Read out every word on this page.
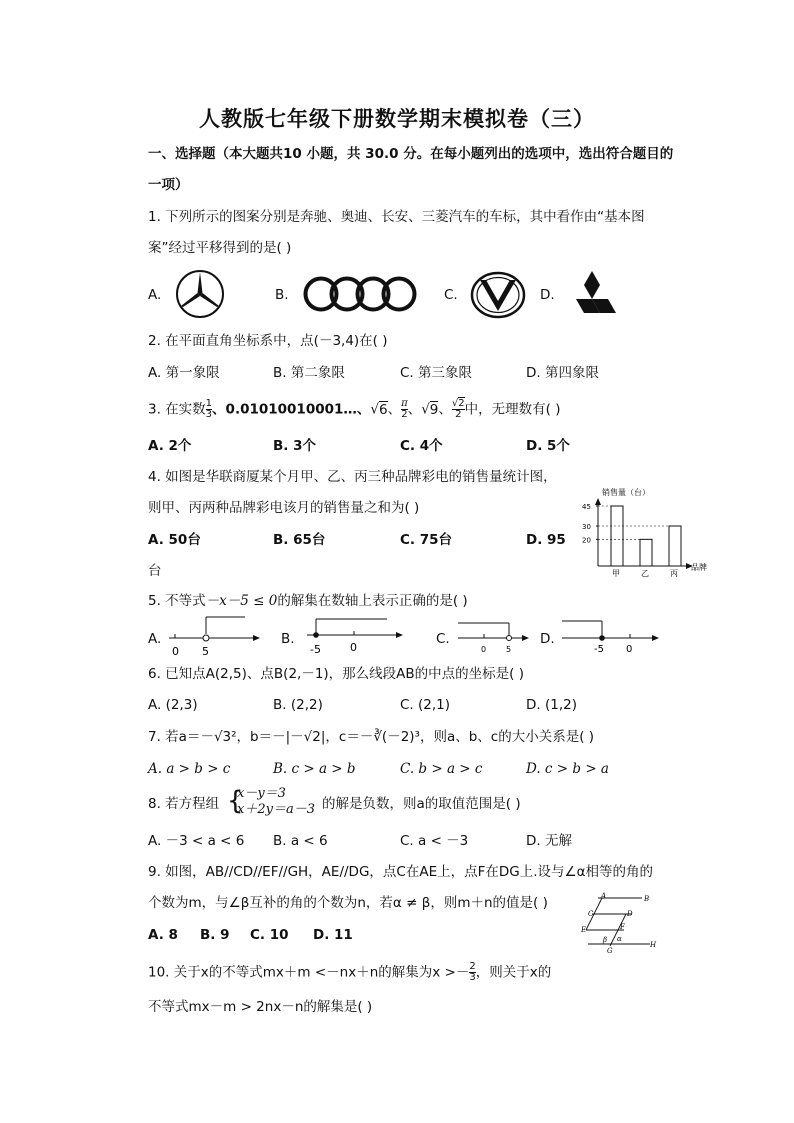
人教版七年级下册数学期末模拟卷（三）
一、选择题（本大题共10 小题，共 30.0 分。在每小题列出的选项中，选出符合题目的
一项）
1. 下列所示的图案分别是奔驰、奥迪、长安、三菱汽车的车标，其中看作由“基本图
案”经过平移得到的是( )
A.	B.	C.	D.
2. 在平面直角坐标系中，点(－3,4)在( )
A. 第一象限	B. 第二象限	C. 第三象限	D. 第四象限
3. 在实数 $\frac{1}{3}$ 、0.01010010001…、√6、 $\frac{\pi}{2}$ 、√9、 $\frac{√2}{2}$ 中，无理数有( )
A. 2个	B. 3个	C. 4个	D. 5个
4. 如图是华联商厦某个月甲、乙、丙三种品牌彩电的销售量统计图，
则甲、丙两种品牌彩电该月的销售量之和为( )
A. 50台	B. 65台	C. 75台	D. 95
台
销售量（台）
品牌
45
30
20
甲	乙	丙
5. 不等式－x－5 ≤ 0的解集在数轴上表示正确的是( )
A.	B.	C.	D.
0 5	-5	0	0 5	-5 0
6. 已知点A(2,5)、点B(2,－1)，那么线段AB的中点的坐标是( )
A. (2,3)	B. (2,2)	C. (2,1)	D. (1,2)
7. 若a＝－√3²，b＝－|－√2|，c＝－∛(－2)³，则a、b、c的大小关系是( )
A. a > b > c	B. c > a > b	C. b > a > c	D. c > b > a
8. 若方程组 {
x－y＝3
x＋2y＝a－3 的解是负数，则a的取值范围是( )
A. －3 < a < 6 B. a < 6	C. a < －3	D. 无解
9. 如图，AB//CD//EF//GH，AE//DG，点C在AE上，点F在DG上.设与∠α相等的角的
个数为m，与∠β互补的角的个数为n，若α ≠ β，则m＋n的值是( )
A. 8 B. 9 C. 10 D. 11
A	B
C	D
E	F
β α
G
H
10. 关于x的不等式mx＋m <－nx＋n的解集为$x >- \frac{2}{3}$ ，则关于x的
不等式mx－m > 2nx－n的解集是( )
